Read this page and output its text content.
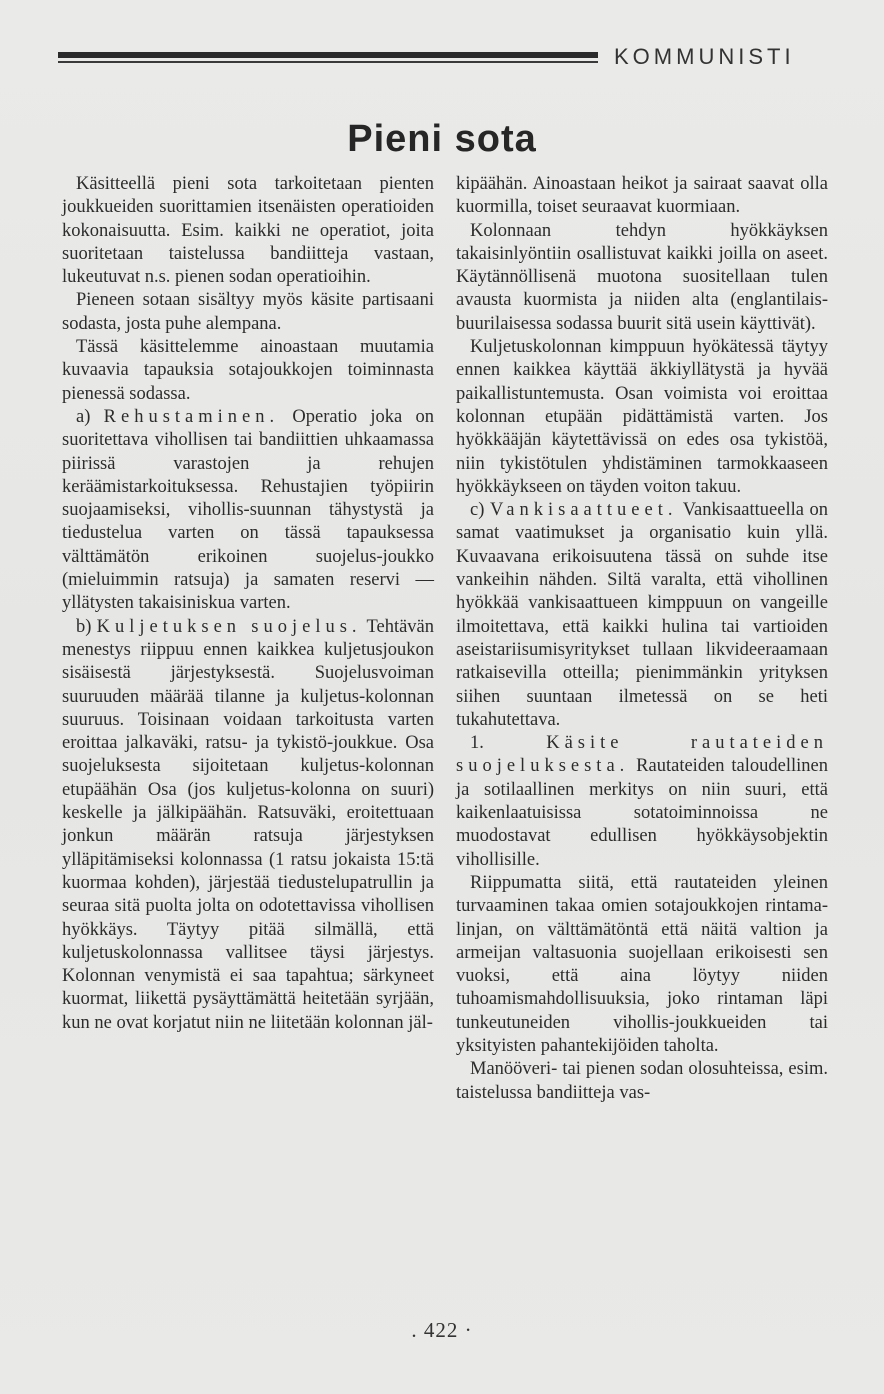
KOMMUNISTI
Pieni sota

Käsitteellä pieni sota tarkoitetaan pienten joukkueiden suorittamien itsenäisten operatioiden kokonaisuutta. Esim. kaikki ne operatiot, joita suoritetaan taistelussa bandiitteja vastaan, lukeutuvat n.s. pienen sodan operatioihin.

Pieneen sotaan sisältyy myös käsite partisaani sodasta, josta puhe alempana.

Tässä käsittelemme ainoastaan muutamia kuvaavia tapauksia sotajoukkojen toiminnasta pienessä sodassa.

a) Rehustaminen. Operatio joka on suoritettava vihollisen tai bandiittien uhkaamassa piirissä varastojen ja rehujen keräämistarkoituksessa. Rehustajien työpiirin suojaamiseksi, vihollis-suunnan tähystystä ja tiedustelua varten on tässä tapauksessa välttämätön erikoinen suojelus-joukko (mieluimmin ratsuja) ja samaten reservi — yllätysten takaisiniskua varten.

b) Kuljetuksen suojelus. Tehtävän menestys riippuu ennen kaikkea kuljetusjoukon sisäisestä järjestyksestä. Suojelusvoiman suuruuden määrää tilanne ja kuljetus-kolonnan suuruus. Toisinaan voidaan tarkoitusta varten eroittaa jalkaväki, ratsu- ja tykistö-joukkue. Osa suojeluksesta sijoitetaan kuljetus-kolonnan etupäähän Osa (jos kuljetus-kolonna on suuri) keskelle ja jälkipäähän. Ratsuväki, eroitettuaan jonkun määrän ratsuja järjestyksen ylläpitämiseksi kolonnassa (1 ratsu jokaista 15:tä kuormaa kohden), järjestää tiedustelupatrullin ja seuraa sitä puolta jolta on odotettavissa vihollisen hyökkäys. Täytyy pitää silmällä, että kuljetuskolonnassa vallitsee täysi järjestys. Kolonnan venymistä ei saa tapahtua; särkyneet kuormat, liikettä pysäyttämättä heitetään syrjään, kun ne ovat korjatut niin ne liitetään kolonnan jäl-

kipäähän. Ainoastaan heikot ja sairaat saavat olla kuormilla, toiset seuraavat kuormiaan.

Kolonnaan tehdyn hyökkäyksen takaisinlyöntiin osallistuvat kaikki joilla on aseet. Käytännöllisenä muotona suositellaan tulen avausta kuormista ja niiden alta (englantilais-buurilaisessa sodassa buurit sitä usein käyttivät).

Kuljetuskolonnan kimppuun hyökätessä täytyy ennen kaikkea käyttää äkkiyllätystä ja hyvää paikallistuntemusta. Osan voimista voi eroittaa kolonnan etupään pidättämistä varten. Jos hyökkääjän käytettävissä on edes osa tykistöä, niin tykistötulen yhdistäminen tarmokkaaseen hyökkäykseen on täyden voiton takuu.

c) Vankisaattueet. Vankisaattueella on samat vaatimukset ja organisatio kuin yllä. Kuvaavana erikoisuutena tässä on suhde itse vankeihin nähden. Siltä varalta, että vihollinen hyökkää vankisaattueen kimppuun on vangeille ilmoitettava, että kaikki hulina tai vartioiden aseistariisumisyritykset tullaan likvideeraamaan ratkaisevilla otteilla; pienimmänkin yrityksen siihen suuntaan ilmetessä on se heti tukahutettava.

1.	Käsite rautateiden suojeluksesta. Rautateiden taloudellinen ja sotilaallinen merkitys on niin suuri, että kaikenlaatuisissa sotatoiminnoissa ne muodostavat edullisen hyökkäysobjektin vihollisille.

Riippumatta siitä, että rautateiden yleinen turvaaminen takaa omien sotajoukkojen rintama-linjan, on välttämätöntä että näitä valtion ja armeijan valtasuonia suojellaan erikoisesti sen vuoksi, että aina löytyy niiden tuhoamismahdollisuuksia, joko rintaman läpi tunkeutuneiden vihollis-joukkueiden tai yksityisten pahantekijöiden taholta.

Manööveri- tai pienen sodan olosuhteissa, esim. taistelussa bandiitteja vas-

. 422 ·
